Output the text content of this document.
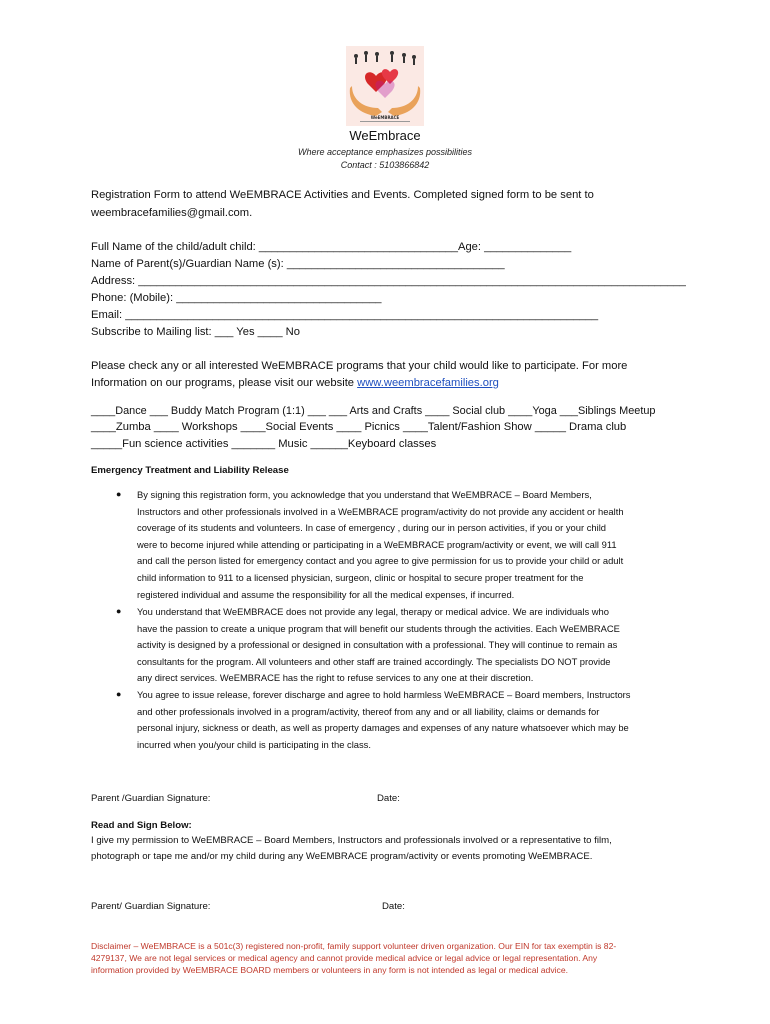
WeEMBRACE
WeEmbrace
Where acceptance emphasizes possibilities
Contact : 5103866842
Registration Form to attend WeEMBRACE Activities and Events. Completed signed form to be sent to
weembracefamilies@gmail.com.
Full Name of the child/adult child: ________________________________Age: ______________
Name of Parent(s)/Guardian Name (s): ___________________________________
Address: ________________________________________________________________________________________
Phone: (Mobile): _________________________________
Email: ____________________________________________________________________________
Subscribe to Mailing list: ___ Yes ____ No
Please check any or all interested WeEMBRACE programs that your child would like to participate. For more
Information on our programs, please visit our website www.weembracefamilies.org
____Dance ___ Buddy Match Program (1:1) ___ ___ Arts and Crafts ____ Social club ____Yoga ___Siblings Meetup
____Zumba ____ Workshops ____Social Events ____ Picnics ____Talent/Fashion Show _____ Drama club
_____Fun science activities _______ Music ______Keyboard classes
Emergency Treatment and Liability Release
● By signing this registration form, you acknowledge that you understand that WeEMBRACE – Board Members,
Instructors and other professionals involved in a WeEMBRACE program/activity do not provide any accident or health
coverage of its students and volunteers. In case of emergency , during our in person activities, if you or your child
were to become injured while attending or participating in a WeEMBRACE program/activity or event, we will call 911
and call the person listed for emergency contact and you agree to give permission for us to provide your child or adult
child information to 911 to a licensed physician, surgeon, clinic or hospital to secure proper treatment for the
registered individual and assume the responsibility for all the medical expenses, if incurred.
● You understand that WeEMBRACE does not provide any legal, therapy or medical advice. We are individuals who
have the passion to create a unique program that will benefit our students through the activities. Each WeEMBRACE
activity is designed by a professional or designed in consultation with a professional. They will continue to remain as
consultants for the program. All volunteers and other staff are trained accordingly. The specialists DO NOT provide
any direct services. WeEMBRACE has the right to refuse services to any one at their discretion.
● You agree to issue release, forever discharge and agree to hold harmless WeEMBRACE – Board members, Instructors
and other professionals involved in a program/activity, thereof from any and or all liability, claims or demands for
personal injury, sickness or death, as well as property damages and expenses of any nature whatsoever which may be
incurred when you/your child is participating in the class.
Parent /Guardian Signature:	Date:
Read and Sign Below:
I give my permission to WeEMBRACE – Board Members, Instructors and professionals involved or a representative to film,
photograph or tape me and/or my child during any WeEMBRACE program/activity or events promoting WeEMBRACE.
Parent/ Guardian Signature:	Date:
Disclaimer – WeEMBRACE is a 501c(3) registered non-profit, family support volunteer driven organization. Our EIN for tax exemptin is 82-
4279137, We are not legal services or medical agency and cannot provide medical advice or legal advice or legal representation. Any
information provided by WeEMBRACE BOARD members or volunteers in any form is not intended as legal or medical advice.
